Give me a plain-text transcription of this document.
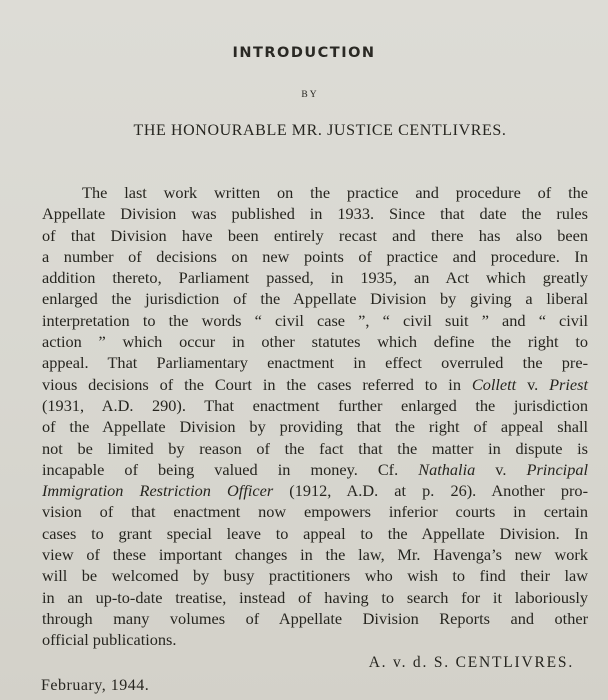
INTRODUCTION
BY
THE HONOURABLE MR. JUSTICE CENTLIVRES.
The last work written on the practice and procedure of the
Appellate Division was published in 1933. Since that date the rules
of that Division have been entirely recast and there has also been
a number of decisions on new points of practice and procedure. In
addition thereto, Parliament passed, in 1935, an Act which greatly
enlarged the jurisdiction of the Appellate Division by giving a liberal
interpretation to the words “ civil case ”, “ civil suit ” and “ civil
action ” which occur in other statutes which define the right to
appeal. That Parliamentary enactment in effect overruled the pre-
vious decisions of the Court in the cases referred to in Collett v. Priest
(1931, A.D. 290). That enactment further enlarged the jurisdiction
of the Appellate Division by providing that the right of appeal shall
not be limited by reason of the fact that the matter in dispute is
incapable of being valued in money. Cf. Nathalia v. Principal
Immigration Restriction Officer (1912, A.D. at p. 26). Another pro-
vision of that enactment now empowers inferior courts in certain
cases to grant special leave to appeal to the Appellate Division. In
view of these important changes in the law, Mr. Havenga’s new work
will be welcomed by busy practitioners who wish to find their law
in an up-to-date treatise, instead of having to search for it laboriously
through many volumes of Appellate Division Reports and other
official publications.
A. v. d. S. CENTLIVRES.
February, 1944.
